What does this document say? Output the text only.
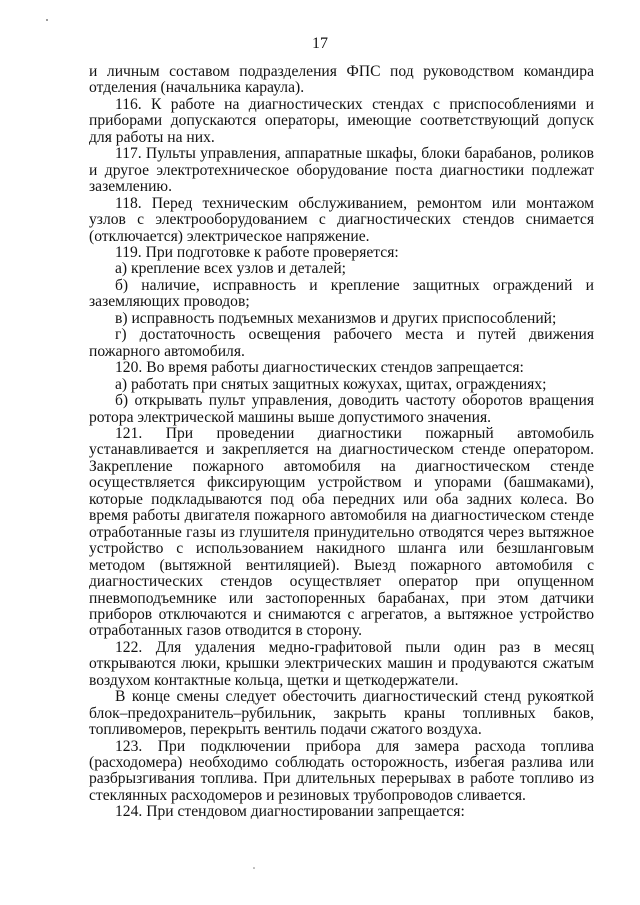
17

и личным составом подразделения ФПС под руководством командира отделения (начальника караула).

116. К работе на диагностических стендах с приспособлениями и приборами допускаются операторы, имеющие соответствующий допуск для работы на них.

117. Пульты управления, аппаратные шкафы, блоки барабанов, роликов и другое электротехническое оборудование поста диагностики подлежат заземлению.

118. Перед техническим обслуживанием, ремонтом или монтажом узлов с электрооборудованием с диагностических стендов снимается (отключается) электрическое напряжение.

119. При подготовке к работе проверяется:

а) крепление всех узлов и деталей;

б) наличие, исправность и крепление защитных ограждений и заземляющих проводов;

в) исправность подъемных механизмов и других приспособлений;

г) достаточность освещения рабочего места и путей движения пожарного автомобиля.

120. Во время работы диагностических стендов запрещается:

а) работать при снятых защитных кожухах, щитах, ограждениях;

б) открывать пульт управления, доводить частоту оборотов вращения ротора электрической машины выше допустимого значения.

121. При проведении диагностики пожарный автомобиль устанавливается и закрепляется на диагностическом стенде оператором. Закрепление пожарного автомобиля на диагностическом стенде осуществляется фиксирующим устройством и упорами (башмаками), которые подкладываются под оба передних или оба задних колеса. Во время работы двигателя пожарного автомобиля на диагностическом стенде отработанные газы из глушителя принудительно отводятся через вытяжное устройство с использованием накидного шланга или безшланговым методом (вытяжной вентиляцией). Выезд пожарного автомобиля с диагностических стендов осуществляет оператор при опущенном пневмоподъемнике или застопоренных барабанах, при этом датчики приборов отключаются и снимаются с агрегатов, а вытяжное устройство отработанных газов отводится в сторону.

122. Для удаления медно-графитовой пыли один раз в месяц открываются люки, крышки электрических машин и продуваются сжатым воздухом контактные кольца, щетки и щеткодержатели.

В конце смены следует обесточить диагностический стенд рукояткой блок–предохранитель–рубильник, закрыть краны топливных баков, топливомеров, перекрыть вентиль подачи сжатого воздуха.

123. При подключении прибора для замера расхода топлива (расходомера) необходимо соблюдать осторожность, избегая разлива или разбрызгивания топлива. При длительных перерывах в работе топливо из стеклянных расходомеров и резиновых трубопроводов сливается.

124. При стендовом диагностировании запрещается:
